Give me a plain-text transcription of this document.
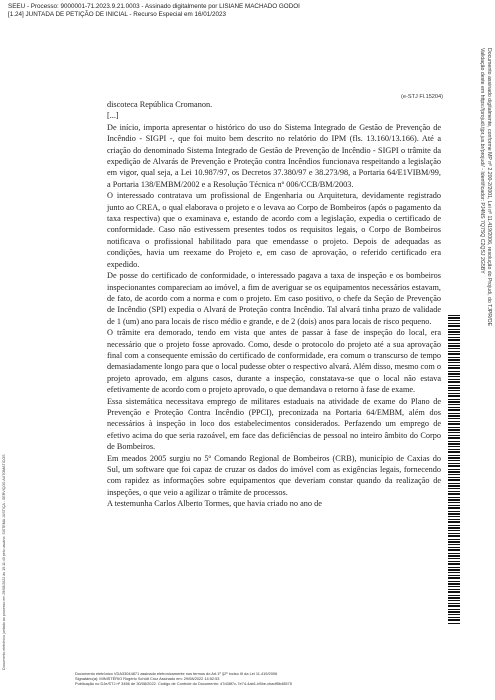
SEEU - Processo: 9000001-71.2023.9.21.0003 - Assinado digitalmente por LISIANE MACHADO GODOI
[1.24] JUNTADA DE PETIÇÃO DE INICIAL - Recurso Especial em 16/01/2023
(e-STJ Fl.15204)
Documento eletrônico juntado ao processo em 29/08/2022 às 15:11:40 pelo usuário: SISTEMA JUSTIÇA - SERVIÇOS AUTOMÁTICOS
Documento assinado digitalmente, conforme MP nº 2.200-2/2001, Lei nº 11.419/2006, resolução do Projudi, do TJPR/OE
Validação deste em https://projudi.tjpr.jus.br/projudi/ - Identificador: PJ4NS 7Q7SQ C2QSJ 2G5BY

discoteca República Cromanon.

[...]

De início, importa apresentar o histórico do uso do Sistema Integrado de Gestão de Prevenção de Incêndio - SIGPI -, que foi muito bem descrito no relatório do IPM (fls. 13.160/13.166). Até a criação do denominado Sistema Integrado de Gestão de Prevenção de Incêndio - SIGPI o trâmite da expedição de Alvarás de Prevenção e Proteção contra Incêndios funcionava respeitando a legislação em vigor, qual seja, a Lei 10.987/97, os Decretos 37.380/97 e 38.273/98, a Portaria 64/E1VIBM/99, a Portaria 138/EMBM/2002 e a Resolução Técnica nº 006/CCB/BM/2003.

O interessado contratava um profissional de Engenharia ou Arquitetura, devidamente registrado junto ao CREA, o qual elaborava o projeto e o levava ao Corpo de Bombeiros (após o pagamento da taxa respectiva) que o examinava e, estando de acordo com a legislação, expedia o certificado de conformidade. Caso não estivessem presentes todos os requisitos legais, o Corpo de Bombeiros notificava o profissional habilitado para que emendasse o projeto. Depois de adequadas as condições, havia um reexame do Projeto e, em caso de aprovação, o referido certificado era expedido.

De posse do certificado de conformidade, o interessado pagava a taxa de inspeção e os bombeiros inspecionantes compareciam ao imóvel, a fim de averiguar se os equipamentos necessários estavam, de fato, de acordo com a norma e com o projeto. Em caso positivo, o chefe da Seção de Prevenção de Incêndio (SPI) expedia o Alvará de Proteção contra Incêndio. Tal alvará tinha prazo de validade de 1 (um) ano para locais de risco médio e grande, e de 2 (dois) anos para locais de risco pequeno.

O trâmite era demorado, tendo em vista que antes de passar à fase de inspeção do local, era necessário que o projeto fosse aprovado. Como, desde o protocolo do projeto até a sua aprovação final com a consequente emissão do certificado de conformidade, era comum o transcurso de tempo demasiadamente longo para que o local pudesse obter o respectivo alvará. Além disso, mesmo com o projeto aprovado, em alguns casos, durante a inspeção, constatava-se que o local não estava efetivamente de acordo com o projeto aprovado, o que demandava o retorno à fase de exame.

Essa sistemática necessitava emprego de militares estaduais na atividade de exame do Plano de Prevenção e Proteção Contra Incêndio (PPCI), preconizada na Portaria 64/EMBM, além dos necessários à inspeção in loco dos estabelecimentos considerados. Perfazendo um emprego de efetivo acima do que seria razoável, em face das deficiências de pessoal no inteiro âmbito do Corpo de Bombeiros.

Em meados 2005 surgiu no 5º Comando Regional de Bombeiros (CRB), município de Caxias do Sul, um software que foi capaz de cruzar os dados do imóvel com as exigências legais, fornecendo com rapidez as informações sobre equipamentos que deveriam constar quando da realização de inspeções, o que veio a agilizar o trâmite de processos.

A testemunha Carlos Alberto Tormes, que havia criado no ano de

Documento eletrônico VDA33044871 assinado eletronicamente nos termos do Art.1º §2º inciso III da Lei 11.419/2006
Signatário(a): MINISTÉRIO Rogério Schütt Cruz Assinado em: 29/08/2022 14:52:53
Publicação no DJe/STJ nº 3456 de 30/08/2022. Código de Controle do Documento: 47d38f7c-7e74-4ab1-b5be-cbadf5b48575
